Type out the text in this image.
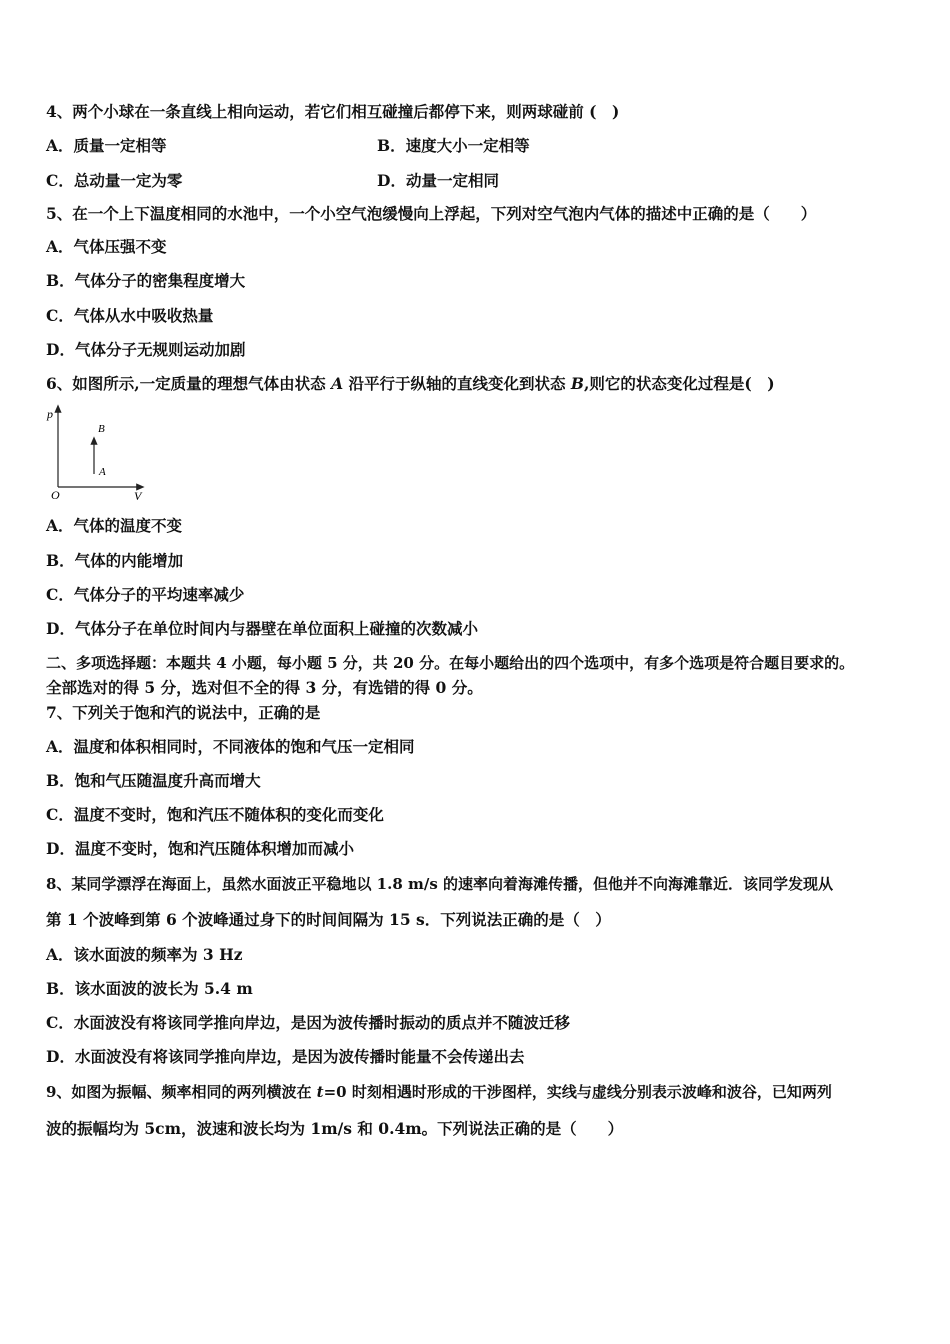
4、两个小球在一条直线上相向运动，若它们相互碰撞后都停下来，则两球碰前 (　)
A．质量一定相等	B．速度大小一定相等
C．总动量一定为零	D．动量一定相同
5、在一个上下温度相同的水池中，一个小空气泡缓慢向上浮起，下列对空气泡内气体的描述中正确的是（　　）
A．气体压强不变
B．气体分子的密集程度增大
C．气体从水中吸收热量
D．气体分子无规则运动加剧
6、如图所示,一定质量的理想气体由状态 A 沿平行于纵轴的直线变化到状态 B,则它的状态变化过程是(　)
p
V
O
B
A
A．气体的温度不变
B．气体的内能增加
C．气体分子的平均速率减少
D．气体分子在单位时间内与器壁在单位面积上碰撞的次数减小
二、多项选择题：本题共 4 小题，每小题 5 分，共 20 分。在每小题给出的四个选项中，有多个选项是符合题目要求的。
全部选对的得 5 分，选对但不全的得 3 分，有选错的得 0 分。
7、下列关于饱和汽的说法中，正确的是
A．温度和体积相同时，不同液体的饱和气压一定相同
B．饱和气压随温度升高而增大
C．温度不变时，饱和汽压不随体积的变化而变化
D．温度不变时，饱和汽压随体积增加而减小
8、某同学漂浮在海面上，虽然水面波正平稳地以 1.8 m/s 的速率向着海滩传播，但他并不向海滩靠近．该同学发现从
第 1 个波峰到第 6 个波峰通过身下的时间间隔为 15 s．下列说法正确的是（　）
A．该水面波的频率为 3 Hz
B．该水面波的波长为 5.4 m
C．水面波没有将该同学推向岸边，是因为波传播时振动的质点并不随波迁移
D．水面波没有将该同学推向岸边，是因为波传播时能量不会传递出去
9、如图为振幅、频率相同的两列横波在 t=0 时刻相遇时形成的干涉图样，实线与虚线分别表示波峰和波谷，已知两列
波的振幅均为 5cm，波速和波长均为 1m/s 和 0.4m。下列说法正确的是（　　）
